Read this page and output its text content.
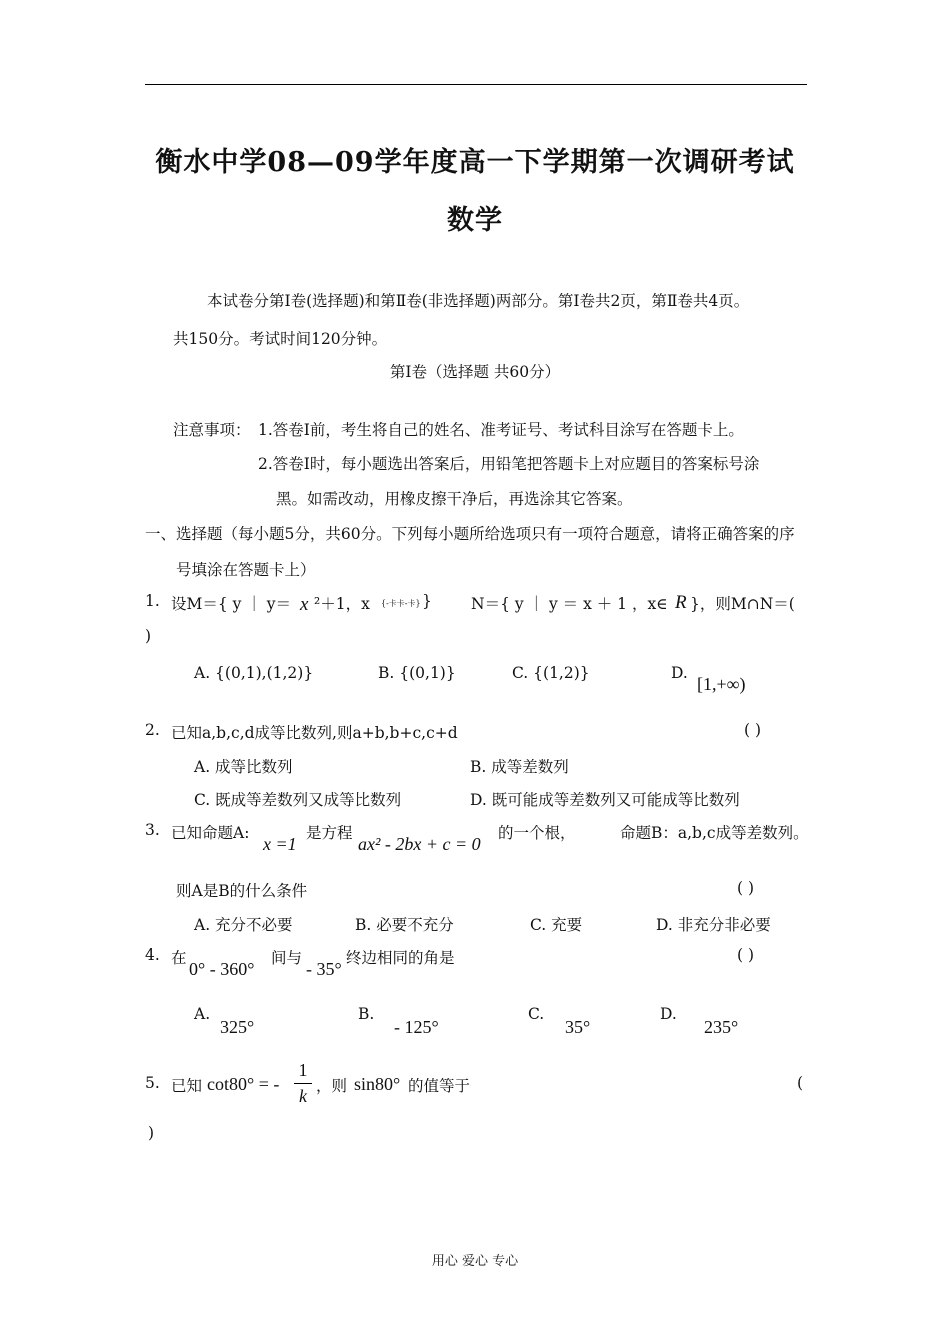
衡水中学08—09学年度高一下学期第一次调研考试
数学
本试卷分第Ⅰ卷(选择题)和第Ⅱ卷(非选择题)两部分。第Ⅰ卷共2页，第Ⅱ卷共4页。
共150分。考试时间120分钟。
第Ⅰ卷（选择题 共60分）
注意事项： 1.答卷Ⅰ前，考生将自己的姓名、准考证号、考试科目涂写在答题卡上。
2.答卷Ⅰ时，每小题选出答案后，用铅笔把答题卡上对应题目的答案标号涂
黑。如需改动，用橡皮擦干净后，再选涂其它答案。
一、选择题（每小题5分，共60分。下列每小题所给选项只有一项符合题意，请将正确答案的序
号填涂在答题卡上）
1. 设M＝{ y ｜ y＝ x ²＋1，x {-卡卡-卡} }	N＝{ y ｜ y ＝ x ＋ 1 ，x∈ R }，则M∩N＝(
)
A. {(0,1),(1,2)}	B. {(0,1)}	C. {(1,2)}	D.
[1,+∞)
2. 已知a,b,c,d成等比数列,则a+b,b+c,c+d	( )
A. 成等比数列	B. 成等差数列
C. 既成等差数列又成等比数列	D. 既可能成等差数列又可能成等比数列
3. 已知命题A:
x =1
是方程
ax² - 2bx + c = 0
的一个根，	命题B：a,b,c成等差数列。
则A是B的什么条件	( )
A. 充分不必要	B. 必要不充分	C. 充要	D. 非充分非必要
4. 在
0° - 360°
间与
- 35°
终边相同的角是	( )
A.
325°
B.
- 125°
C.
35°
D.
235°
5. 已知 cot80° = -
1
k ，则 sin80° 的值等于	(
)
用心 爱心 专心
